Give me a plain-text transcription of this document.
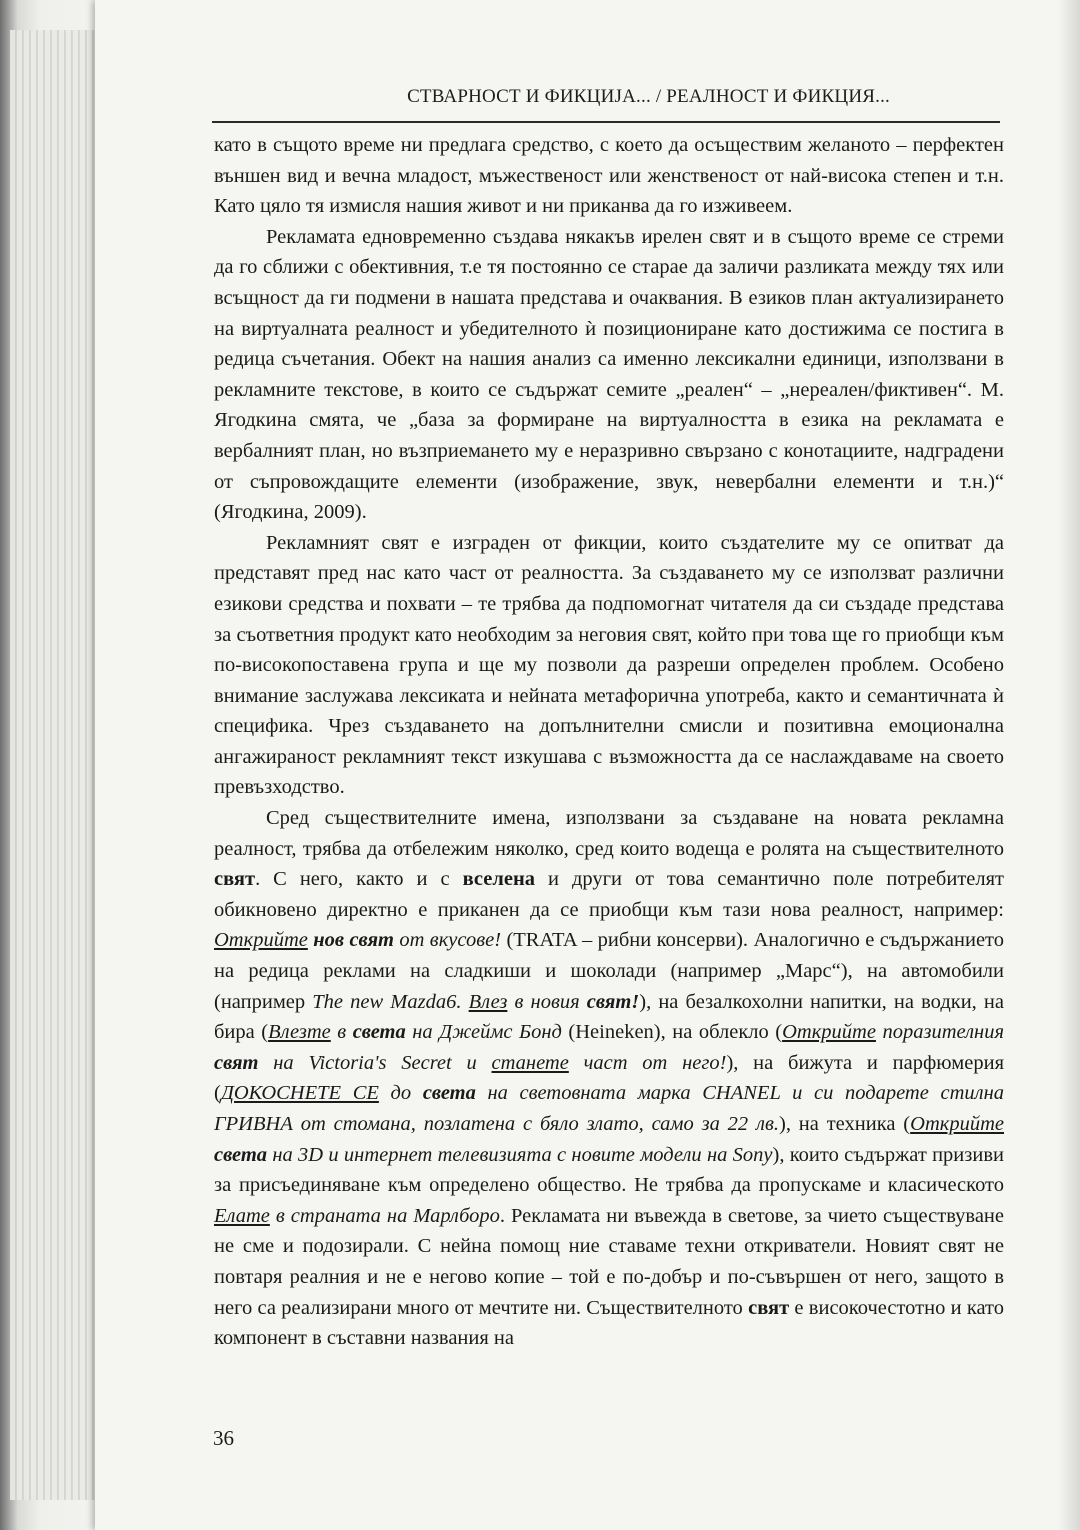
СТВАРНОСТ И ФИКЦИЈА... / РЕАЛНОСТ И ФИКЦИЯ...

като в същото време ни предлага средство, с което да осъществим желаното – перфектен външен вид и вечна младост, мъжественост или женственост от най-висока степен и т.н. Като цяло тя измисля нашия живот и ни приканва да го изживеем.

Рекламата едновременно създава някакъв ирелен свят и в същото време се стреми да го сближи с обективния, т.е тя постоянно се старае да заличи разликата между тях или всъщност да ги подмени в нашата представа и очаквания. В езиков план актуализирането на виртуалната реалност и убедителното ѝ позициониране като достижима се постига в редица съчетания. Обект на нашия анализ са именно лексикални единици, използвани в рекламните текстове, в които се съдържат семите „реален“ – „нереален/фиктивен“. М. Ягодкина смята, че „база за формиране на виртуалността в езика на рекламата е вербалният план, но възприемането му е неразривно свързано с конотациите, надградени от съпровождащите елементи (изображение, звук, невербални елементи и т.н.)“ (Ягодкина, 2009).

Рекламният свят е изграден от фикции, които създателите му се опитват да представят пред нас като част от реалността. За създаването му се използват различни езикови средства и похвати – те трябва да подпомогнат читателя да си създаде представа за съответния продукт като необходим за неговия свят, който при това ще го приобщи към по-високопоставена група и ще му позволи да разреши определен проблем. Особено внимание заслужава лексиката и нейната метафорична употреба, както и семантичната ѝ специфика. Чрез създаването на допълнителни смисли и позитивна емоционална ангажираност рекламният текст изкушава с възможността да се наслаждаваме на своето превъзходство.

Сред съществителните имена, използвани за създаване на новата рекламна реалност, трябва да отбележим няколко, сред които водеща е ролята на съществителното свят. С него, както и с вселена и други от това семантично поле потребителят обикновено директно е приканен да се приобщи към тази нова реалност, например: Открийте нов свят от вкусове! (TRATA – рибни консерви). Аналогично е съдържанието на редица реклами на сладкиши и шоколади (например „Марс“), на автомобили (например The new Mazda6. Влез в новия свят!), на безалкохолни напитки, на водки, на бира (Влезте в света на Джеймс Бонд (Heineken), на облекло (Открийте поразителния свят на Victoria's Secret и станете част от него!), на бижута и парфюмерия (ДОКОСНЕТЕ СЕ до света на световната марка CHANEL и си подарете стилна ГРИВНА от стомана, позлатена с бяло злато, само за 22 лв.), на техника (Открийте света на 3D и интернет телевизията с новите модели на Sony), които съдържат призиви за присъединяване към определено общество. Не трябва да пропускаме и класическото Елате в страната на Марлборо. Рекламата ни въвежда в светове, за чието съществуване не сме и подозирали. С нейна помощ ние ставаме техни откриватели. Новият свят не повтаря реалния и не е негово копие – той е по-добър и по-съвършен от него, защото в него са реализирани много от мечтите ни. Съществителното свят е високочестотно и като компонент в съставни названия на

36
